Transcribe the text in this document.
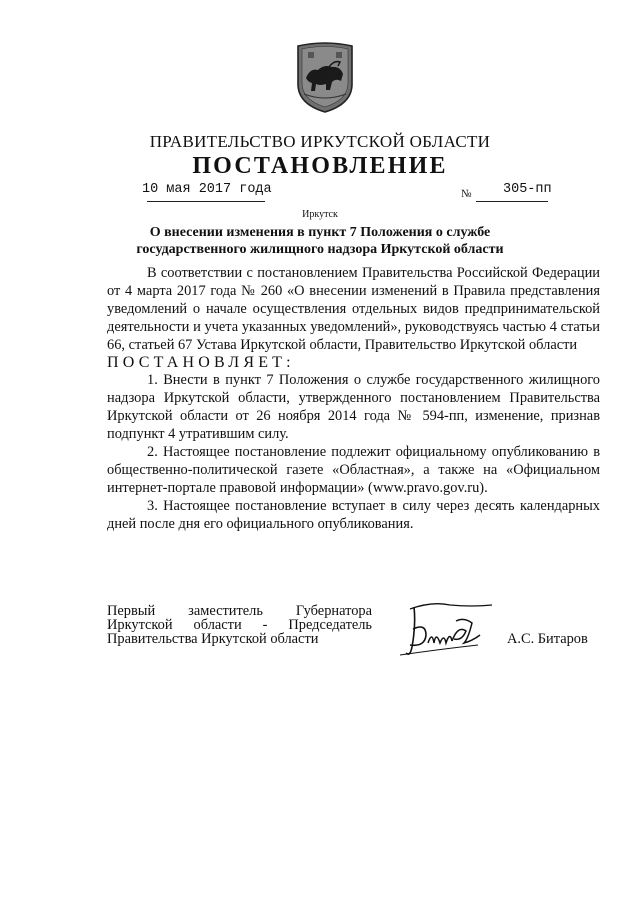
ПРАВИТЕЛЬСТВО ИРКУТСКОЙ ОБЛАСТИ
ПОСТАНОВЛЕНИЕ
10 мая 2017 года	№ 305-пп
Иркутск
О внесении изменения в пункт 7 Положения о службе государственного жилищного надзора Иркутской области

В соответствии с постановлением Правительства Российской Федерации от 4 марта 2017 года № 260 «О внесении изменений в Правила представления уведомлений о начале осуществления отдельных видов предпринимательской деятельности и учета указанных уведомлений», руководствуясь частью 4 статьи 66, статьей 67 Устава Иркутской области, Правительство Иркутской области

ПОСТАНОВЛЯЕТ:

1. Внести в пункт 7 Положения о службе государственного жилищного надзора Иркутской области, утвержденного постановлением Правительства Иркутской области от 26 ноября 2014 года № 594-пп, изменение, признав подпункт 4 утратившим силу.

2. Настоящее постановление подлежит официальному опубликованию в общественно-политической газете «Областная», а также на «Официальном интернет-портале правовой информации» (www.pravo.gov.ru).

3. Настоящее постановление вступает в силу через десять календарных дней после дня его официального опубликования.

Первый заместитель Губернатора
Иркутской области - Председатель
Правительства Иркутской области	А.С. Битаров
